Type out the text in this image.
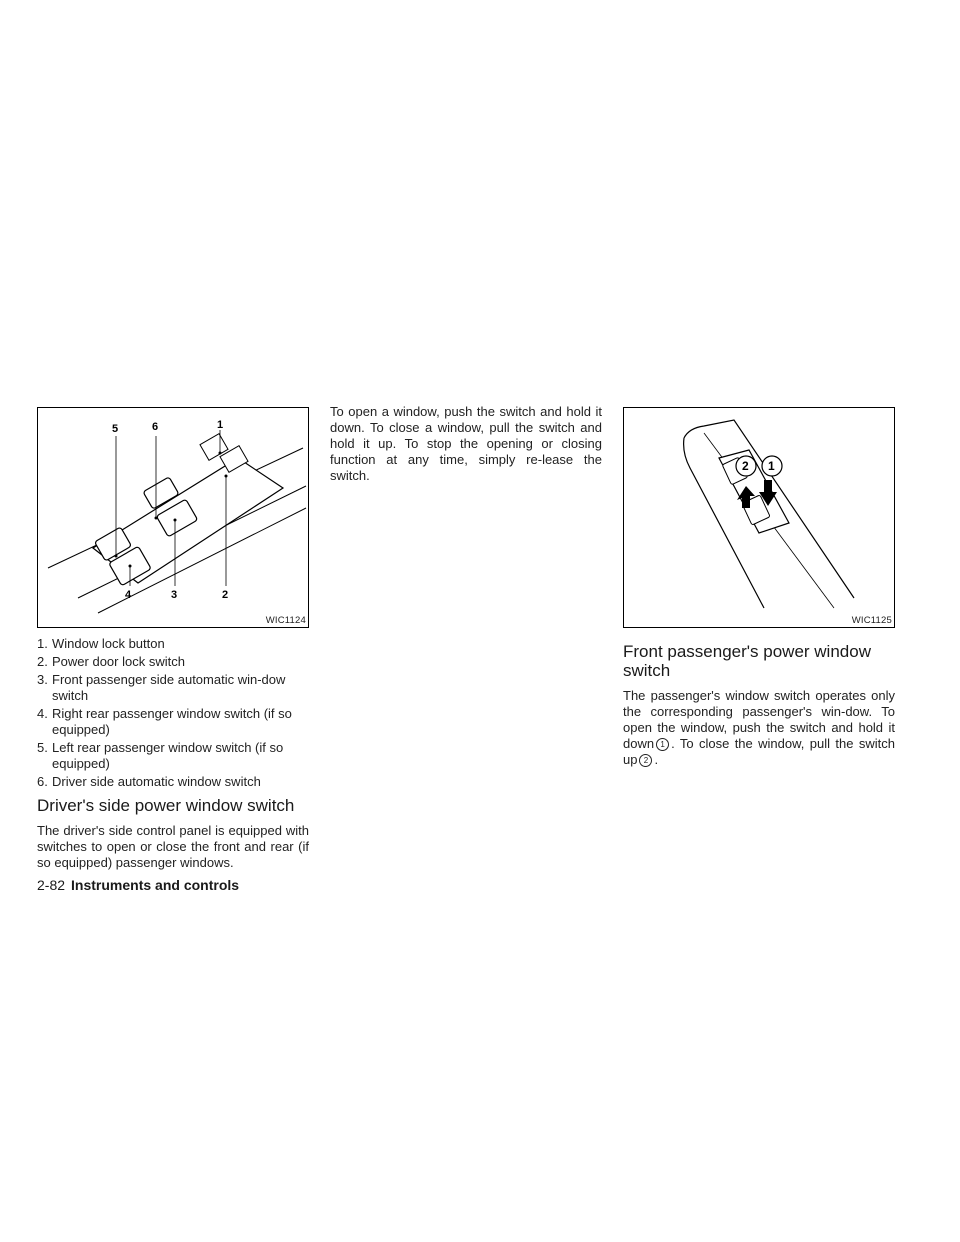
1
2
3
4
5	6
WIC1124
2 1
WIC1125
1. Window lock button
2. Power door lock switch
3. Front passenger side automatic win-dow switch
4. Right rear passenger window switch (if so equipped)
5. Left rear passenger window switch (if so equipped)
6. Driver side automatic window switch
Driver's side power window switch

The driver's side control panel is equipped with switches to open or close the front and rear (if so equipped) passenger windows.

To open a window, push the switch and hold it down. To close a window, pull the switch and hold it up. To stop the opening or closing function at any time, simply re-lease the switch.

Front passenger's power window switch

The passenger's window switch operates only the corresponding passenger's win-dow. To open the window, push the switch and hold it down 1 . To close the window, pull the switch up 2 .

2-82 Instruments and controls
